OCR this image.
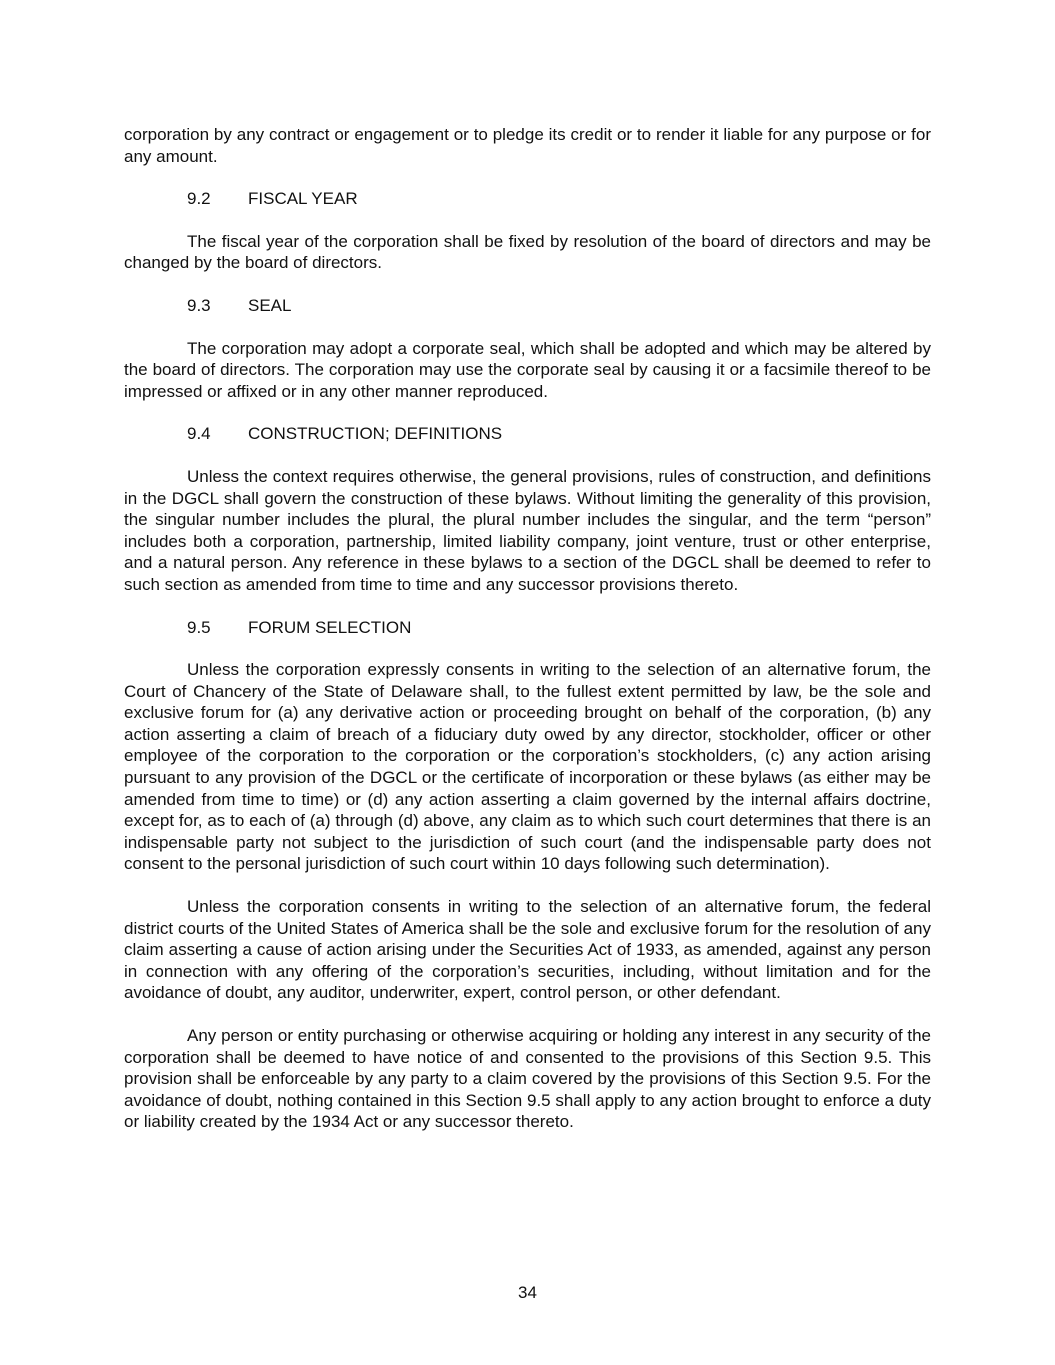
corporation by any contract or engagement or to pledge its credit or to render it liable for any purpose or for any amount.

9.2	FISCAL YEAR

The fiscal year of the corporation shall be fixed by resolution of the board of directors and may be changed by the board of directors.

9.3	SEAL

The corporation may adopt a corporate seal, which shall be adopted and which may be altered by the board of directors. The corporation may use the corporate seal by causing it or a facsimile thereof to be impressed or affixed or in any other manner reproduced.

9.4	CONSTRUCTION; DEFINITIONS

Unless the context requires otherwise, the general provisions, rules of construction, and definitions in the DGCL shall govern the construction of these bylaws. Without limiting the generality of this provision, the singular number includes the plural, the plural number includes the singular, and the term “person” includes both a corporation, partnership, limited liability company, joint venture, trust or other enterprise, and a natural person. Any reference in these bylaws to a section of the DGCL shall be deemed to refer to such section as amended from time to time and any successor provisions thereto.

9.5	FORUM SELECTION

Unless the corporation expressly consents in writing to the selection of an alternative forum, the Court of Chancery of the State of Delaware shall, to the fullest extent permitted by law, be the sole and exclusive forum for (a) any derivative action or proceeding brought on behalf of the corporation, (b) any action asserting a claim of breach of a fiduciary duty owed by any director, stockholder, officer or other employee of the corporation to the corporation or the corporation’s stockholders, (c) any action arising pursuant to any provision of the DGCL or the certificate of incorporation or these bylaws (as either may be amended from time to time) or (d) any action asserting a claim governed by the internal affairs doctrine, except for, as to each of (a) through (d) above, any claim as to which such court determines that there is an indispensable party not subject to the jurisdiction of such court (and the indispensable party does not consent to the personal jurisdiction of such court within 10 days following such determination).

Unless the corporation consents in writing to the selection of an alternative forum, the federal district courts of the United States of America shall be the sole and exclusive forum for the resolution of any claim asserting a cause of action arising under the Securities Act of 1933, as amended, against any person in connection with any offering of the corporation’s securities, including, without limitation and for the avoidance of doubt, any auditor, underwriter, expert, control person, or other defendant.

Any person or entity purchasing or otherwise acquiring or holding any interest in any security of the corporation shall be deemed to have notice of and consented to the provisions of this Section 9.5. This provision shall be enforceable by any party to a claim covered by the provisions of this Section 9.5. For the avoidance of doubt, nothing contained in this Section 9.5 shall apply to any action brought to enforce a duty or liability created by the 1934 Act or any successor thereto.

34
